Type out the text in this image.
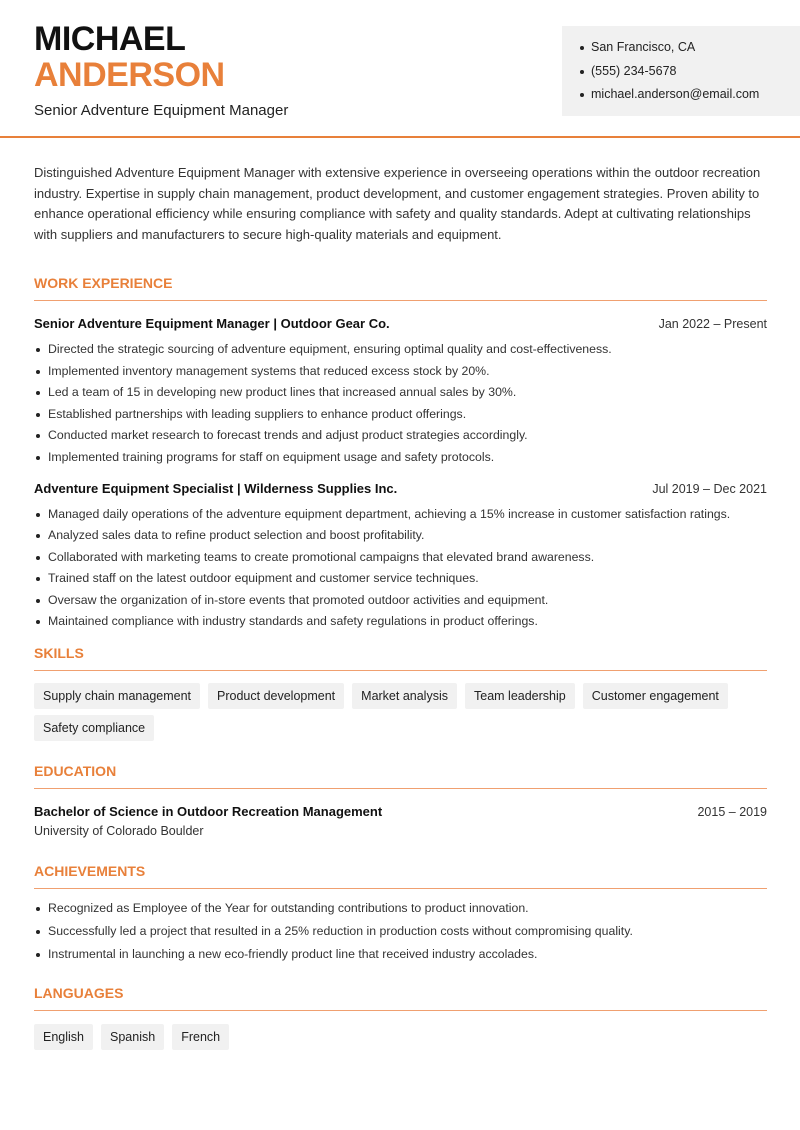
MICHAEL
ANDERSON
Senior Adventure Equipment Manager
San Francisco, CA
(555) 234-5678
michael.anderson@email.com

Distinguished Adventure Equipment Manager with extensive experience in overseeing operations within the outdoor recreation industry. Expertise in supply chain management, product development, and customer engagement strategies. Proven ability to enhance operational efficiency while ensuring compliance with safety and quality standards. Adept at cultivating relationships with suppliers and manufacturers to secure high-quality materials and equipment.

WORK EXPERIENCE
Senior Adventure Equipment Manager | Outdoor Gear Co.	Jan 2022 – Present
Directed the strategic sourcing of adventure equipment, ensuring optimal quality and cost-effectiveness.
Implemented inventory management systems that reduced excess stock by 20%.
Led a team of 15 in developing new product lines that increased annual sales by 30%.
Established partnerships with leading suppliers to enhance product offerings.
Conducted market research to forecast trends and adjust product strategies accordingly.
Implemented training programs for staff on equipment usage and safety protocols.
Adventure Equipment Specialist | Wilderness Supplies Inc.	Jul 2019 – Dec 2021
Managed daily operations of the adventure equipment department, achieving a 15% increase in customer satisfaction ratings.
Analyzed sales data to refine product selection and boost profitability.
Collaborated with marketing teams to create promotional campaigns that elevated brand awareness.
Trained staff on the latest outdoor equipment and customer service techniques.
Oversaw the organization of in-store events that promoted outdoor activities and equipment.
Maintained compliance with industry standards and safety regulations in product offerings.
SKILLS
Supply chain management	Product development	Market analysis	Team leadership	Customer engagement
Safety compliance
EDUCATION
Bachelor of Science in Outdoor Recreation Management	2015 – 2019
University of Colorado Boulder
ACHIEVEMENTS
Recognized as Employee of the Year for outstanding contributions to product innovation.
Successfully led a project that resulted in a 25% reduction in production costs without compromising quality.
Instrumental in launching a new eco-friendly product line that received industry accolades.
LANGUAGES
English	Spanish	French
